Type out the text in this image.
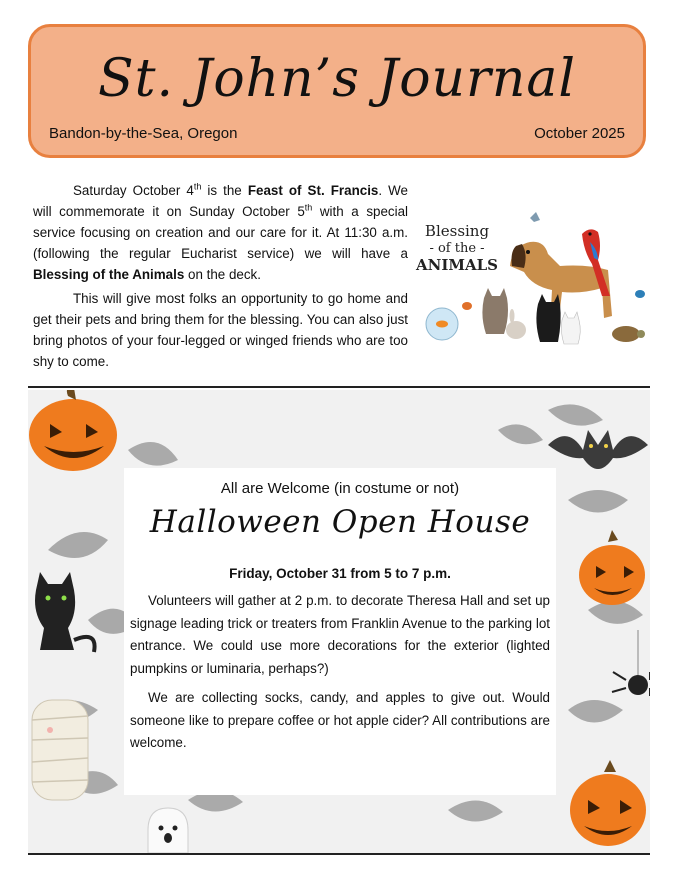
St. John’s Journal
Bandon-by-the-Sea, Oregon	October 2025

Saturday October 4th is the Feast of St. Francis. We will commemorate it on Sunday October 5th with a special service focusing on creation and our care for it. At 11:30 a.m. (following the regular Eucharist service) we will have a Blessing of the Animals on the deck.

This will give most folks an opportunity to go home and get their pets and bring them for the blessing. You can also just bring photos of your four-legged or winged friends who are too shy to come.

Blessing
- of the -
ANIMALS
All are Welcome (in costume or not)
Halloween Open House
Friday, October 31 from 5 to 7 p.m.

Volunteers will gather at 2 p.m. to decorate Theresa Hall and set up signage leading trick or treaters from Franklin Avenue to the parking lot entrance. We could use more decorations for the exterior (lighted pumpkins or luminaria, perhaps?)

We are collecting socks, candy, and apples to give out. Would someone like to prepare coffee or hot apple cider? All contributions are welcome.
